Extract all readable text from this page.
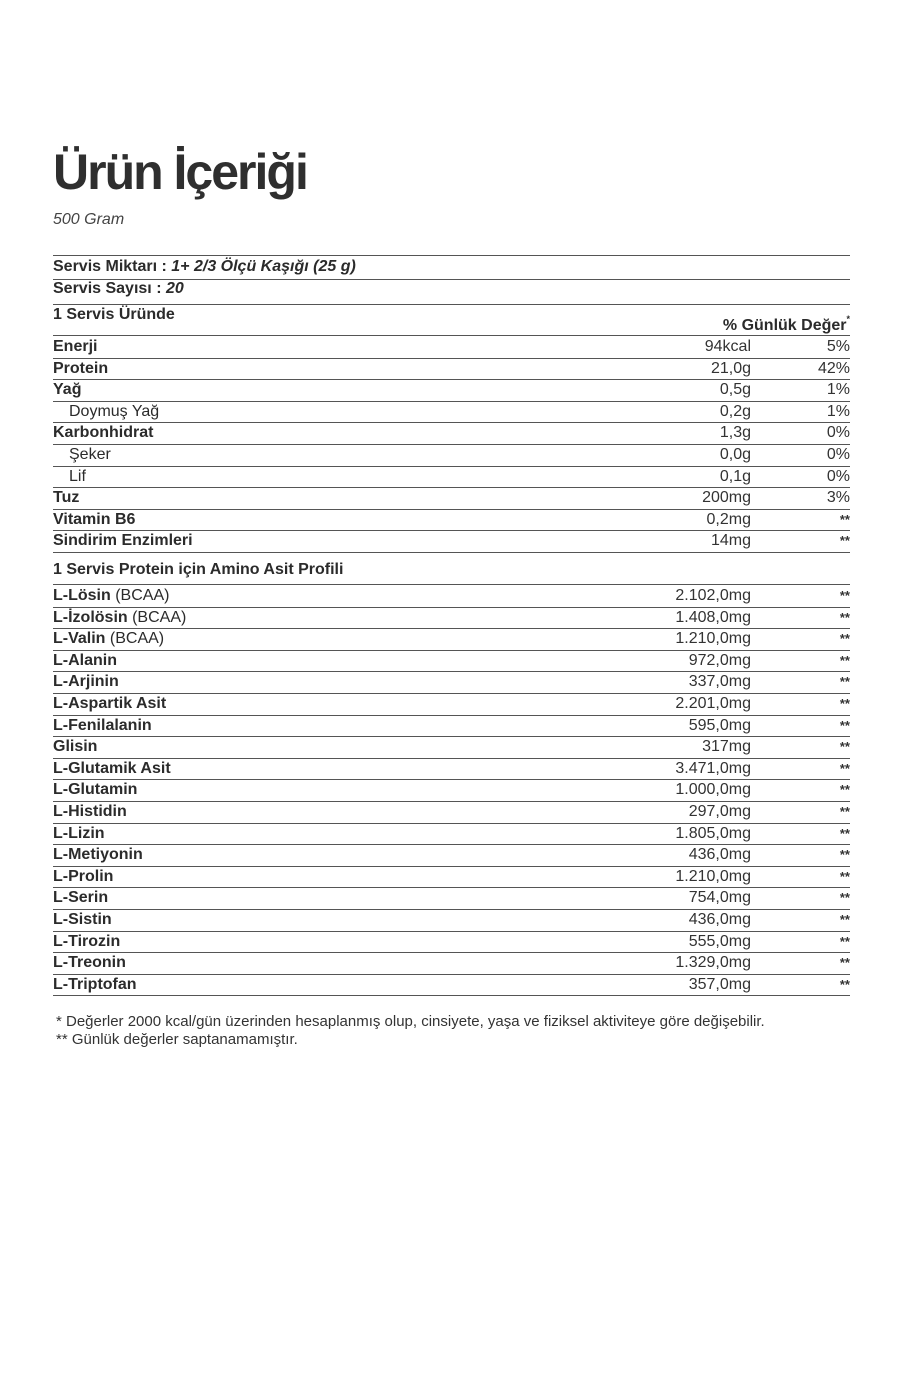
Ürün İçeriği
500 Gram
Servis Miktarı : 1+ 2/3 Ölçü Kaşığı (25 g)
Servis Sayısı : 20
1 Servis Üründe
% Günlük Değer*
Enerji	94kcal	5%
Protein	21,0g	42%
Yağ	0,5g	1%
Doymuş Yağ	0,2g	1%
Karbonhidrat	1,3g	0%
Şeker	0,0g	0%
Lif	0,1g	0%
Tuz	200mg	3%
Vitamin B6	0,2mg	**
Sindirim Enzimleri	14mg	**
1 Servis Protein için Amino Asit Profili
L-Lösin (BCAA)	2.102,0mg	**
L-İzolösin (BCAA)	1.408,0mg	**
L-Valin (BCAA)	1.210,0mg	**
L-Alanin	972,0mg	**
L-Arjinin	337,0mg	**
L-Aspartik Asit	2.201,0mg	**
L-Fenilalanin	595,0mg	**
Glisin	317mg	**
L-Glutamik Asit	3.471,0mg	**
L-Glutamin	1.000,0mg	**
L-Histidin	297,0mg	**
L-Lizin	1.805,0mg	**
L-Metiyonin	436,0mg	**
L-Prolin	1.210,0mg	**
L-Serin	754,0mg	**
L-Sistin	436,0mg	**
L-Tirozin	555,0mg	**
L-Treonin	1.329,0mg	**
L-Triptofan	357,0mg	**
* Değerler 2000 kcal/gün üzerinden hesaplanmış olup, cinsiyete, yaşa ve fiziksel aktiviteye göre değişebilir.
** Günlük değerler saptanamamıştır.
